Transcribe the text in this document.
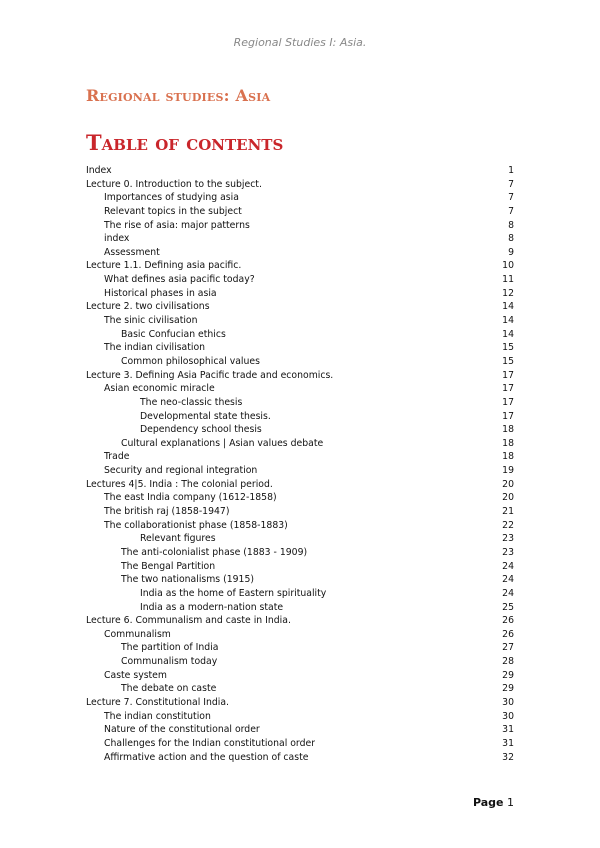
Regional Studies I: Asia.
Regional studies: Asia
Table of contents
Index	1
Lecture 0. Introduction to the subject.	7
Importances of studying asia	7
Relevant topics in the subject	7
The rise of asia: major patterns	8
index	8
Assessment	9
Lecture 1.1. Defining asia pacific.	10
What defines asia pacific today?	11
Historical phases in asia	12
Lecture 2. two civilisations	14
The sinic civilisation	14
Basic Confucian ethics	14
The indian civilisation	15
Common philosophical values	15
Lecture 3. Defining Asia Pacific trade and economics.	17
Asian economic miracle	17
The neo-classic thesis	17
Developmental state thesis.	17
Dependency school thesis	18
Cultural explanations | Asian values debate	18
Trade	18
Security and regional integration	19
Lectures 4|5. India : The colonial period.	20
The east India company (1612-1858)	20
The british raj (1858-1947)	21
The collaborationist phase (1858-1883)	22
Relevant figures	23
The anti-colonialist phase (1883 - 1909)	23
The Bengal Partition	24
The two nationalisms (1915)	24
India as the home of Eastern spirituality	24
India as a modern-nation state	25
Lecture 6. Communalism and caste in India.	26
Communalism	26
The partition of India	27
Communalism today	28
Caste system	29
The debate on caste	29
Lecture 7. Constitutional India.	30
The indian constitution	30
Nature of the constitutional order	31
Challenges for the Indian constitutional order	31
Affirmative action and the question of caste	32
Page 1
